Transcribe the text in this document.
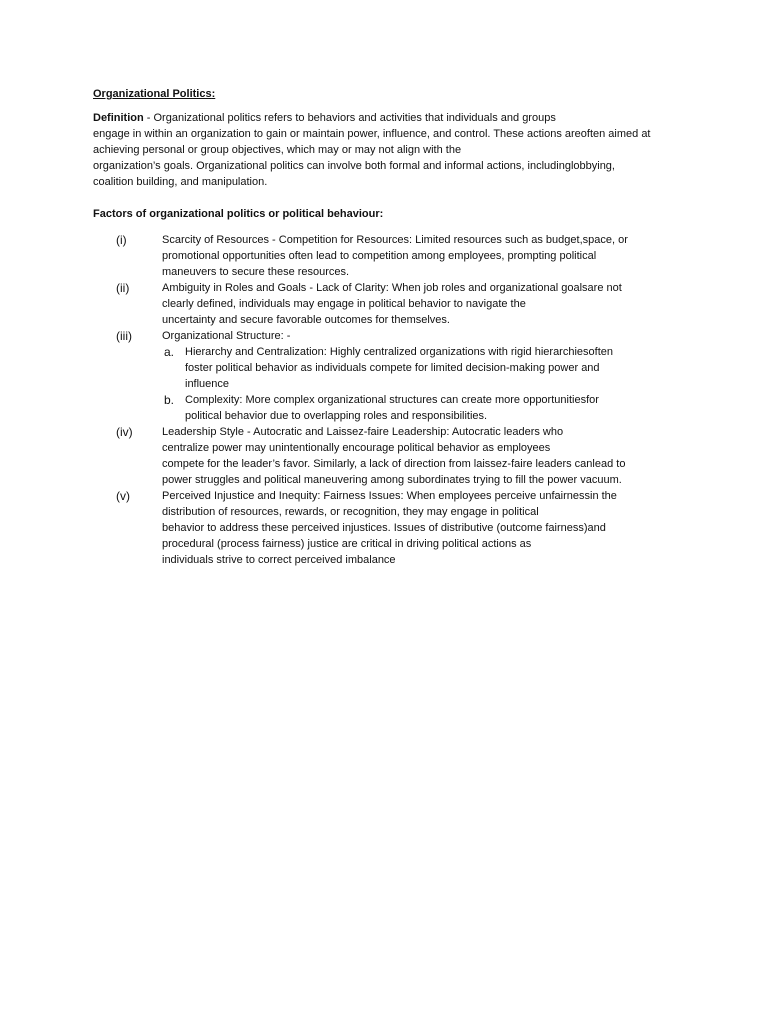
Organizational Politics:
Definition - Organizational politics refers to behaviors and activities that individuals and groups
engage in within an organization to gain or maintain power, influence, and control. These actions areoften aimed at
achieving personal or group objectives, which may or may not align with the
organization’s goals. Organizational politics can involve both formal and informal actions, includinglobbying,
coalition building, and manipulation.
Factors of organizational politics or political behaviour:
(i)	Scarcity of Resources - Competition for Resources: Limited resources such as budget,space, or
promotional opportunities often lead to competition among employees, prompting political
maneuvers to secure these resources.
(ii)	Ambiguity in Roles and Goals - Lack of Clarity: When job roles and organizational goalsare not
clearly defined, individuals may engage in political behavior to navigate the
uncertainty and secure favorable outcomes for themselves.
(iii)	Organizational Structure: -
a. Hierarchy and Centralization: Highly centralized organizations with rigid hierarchiesoften
foster political behavior as individuals compete for limited decision-making power and
influence
b. Complexity: More complex organizational structures can create more opportunitiesfor
political behavior due to overlapping roles and responsibilities.
(iv)	Leadership Style - Autocratic and Laissez-faire Leadership: Autocratic leaders who
centralize power may unintentionally encourage political behavior as employees
compete for the leader’s favor. Similarly, a lack of direction from laissez-faire leaders canlead to
power struggles and political maneuvering among subordinates trying to fill the power vacuum.
(v)	Perceived Injustice and Inequity: Fairness Issues: When employees perceive unfairnessin the
distribution of resources, rewards, or recognition, they may engage in political
behavior to address these perceived injustices. Issues of distributive (outcome fairness)and
procedural (process fairness) justice are critical in driving political actions as
individuals strive to correct perceived imbalance
